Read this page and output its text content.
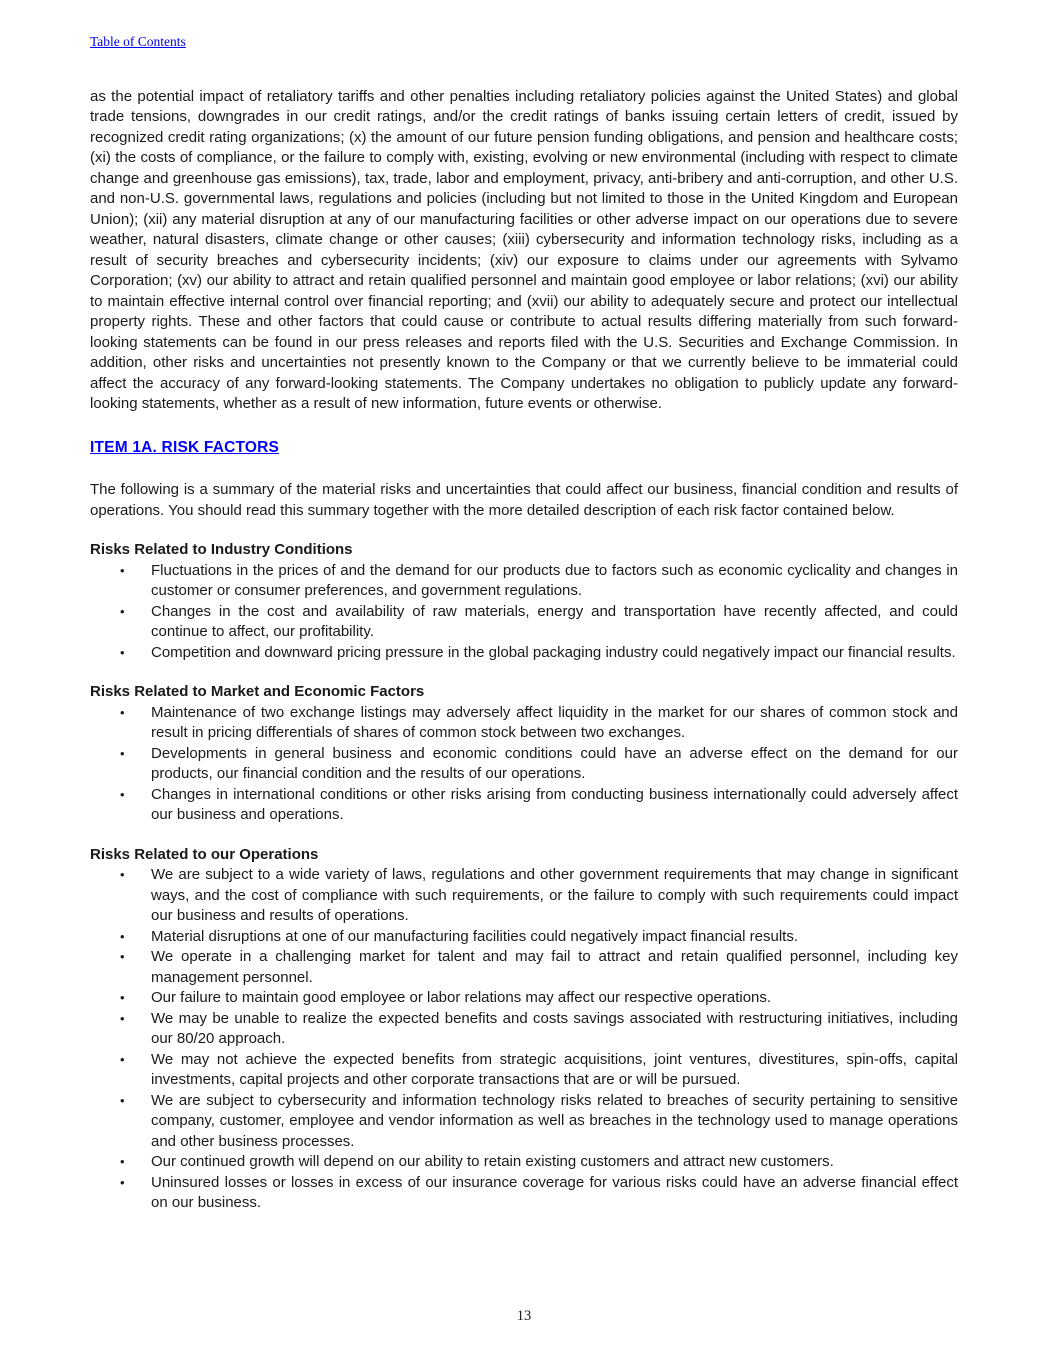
Table of Contents

as the potential impact of retaliatory tariffs and other penalties including retaliatory policies against the United States) and global trade tensions, downgrades in our credit ratings, and/or the credit ratings of banks issuing certain letters of credit, issued by recognized credit rating organizations; (x) the amount of our future pension funding obligations, and pension and healthcare costs; (xi) the costs of compliance, or the failure to comply with, existing, evolving or new environmental (including with respect to climate change and greenhouse gas emissions), tax, trade, labor and employment, privacy, anti-bribery and anti-corruption, and other U.S. and non-U.S. governmental laws, regulations and policies (including but not limited to those in the United Kingdom and European Union); (xii) any material disruption at any of our manufacturing facilities or other adverse impact on our operations due to severe weather, natural disasters, climate change or other causes; (xiii) cybersecurity and information technology risks, including as a result of security breaches and cybersecurity incidents; (xiv) our exposure to claims under our agreements with Sylvamo Corporation; (xv) our ability to attract and retain qualified personnel and maintain good employee or labor relations; (xvi) our ability to maintain effective internal control over financial reporting; and (xvii) our ability to adequately secure and protect our intellectual property rights. These and other factors that could cause or contribute to actual results differing materially from such forward-looking statements can be found in our press releases and reports filed with the U.S. Securities and Exchange Commission. In addition, other risks and uncertainties not presently known to the Company or that we currently believe to be immaterial could affect the accuracy of any forward-looking statements. The Company undertakes no obligation to publicly update any forward-looking statements, whether as a result of new information, future events or otherwise.

ITEM 1A. RISK FACTORS

The following is a summary of the material risks and uncertainties that could affect our business, financial condition and results of operations. You should read this summary together with the more detailed description of each risk factor contained below.

Risks Related to Industry Conditions
•	Fluctuations in the prices of and the demand for our products due to factors such as economic cyclicality and changes in customer or consumer preferences, and government regulations.
•	Changes in the cost and availability of raw materials, energy and transportation have recently affected, and could continue to affect, our profitability.
•	Competition and downward pricing pressure in the global packaging industry could negatively impact our financial results.
Risks Related to Market and Economic Factors
•	Maintenance of two exchange listings may adversely affect liquidity in the market for our shares of common stock and result in pricing differentials of shares of common stock between two exchanges.
•	Developments in general business and economic conditions could have an adverse effect on the demand for our products, our financial condition and the results of our operations.
•	Changes in international conditions or other risks arising from conducting business internationally could adversely affect our business and operations.
Risks Related to our Operations
•	We are subject to a wide variety of laws, regulations and other government requirements that may change in significant ways, and the cost of compliance with such requirements, or the failure to comply with such requirements could impact our business and results of operations.
•	Material disruptions at one of our manufacturing facilities could negatively impact financial results.
•	We operate in a challenging market for talent and may fail to attract and retain qualified personnel, including key management personnel.
•	Our failure to maintain good employee or labor relations may affect our respective operations.
•	We may be unable to realize the expected benefits and costs savings associated with restructuring initiatives, including our 80/20 approach.
•	We may not achieve the expected benefits from strategic acquisitions, joint ventures, divestitures, spin-offs, capital investments, capital projects and other corporate transactions that are or will be pursued.
•	We are subject to cybersecurity and information technology risks related to breaches of security pertaining to sensitive company, customer, employee and vendor information as well as breaches in the technology used to manage operations and other business processes.
•	Our continued growth will depend on our ability to retain existing customers and attract new customers.
•	Uninsured losses or losses in excess of our insurance coverage for various risks could have an adverse financial effect on our business.
13
